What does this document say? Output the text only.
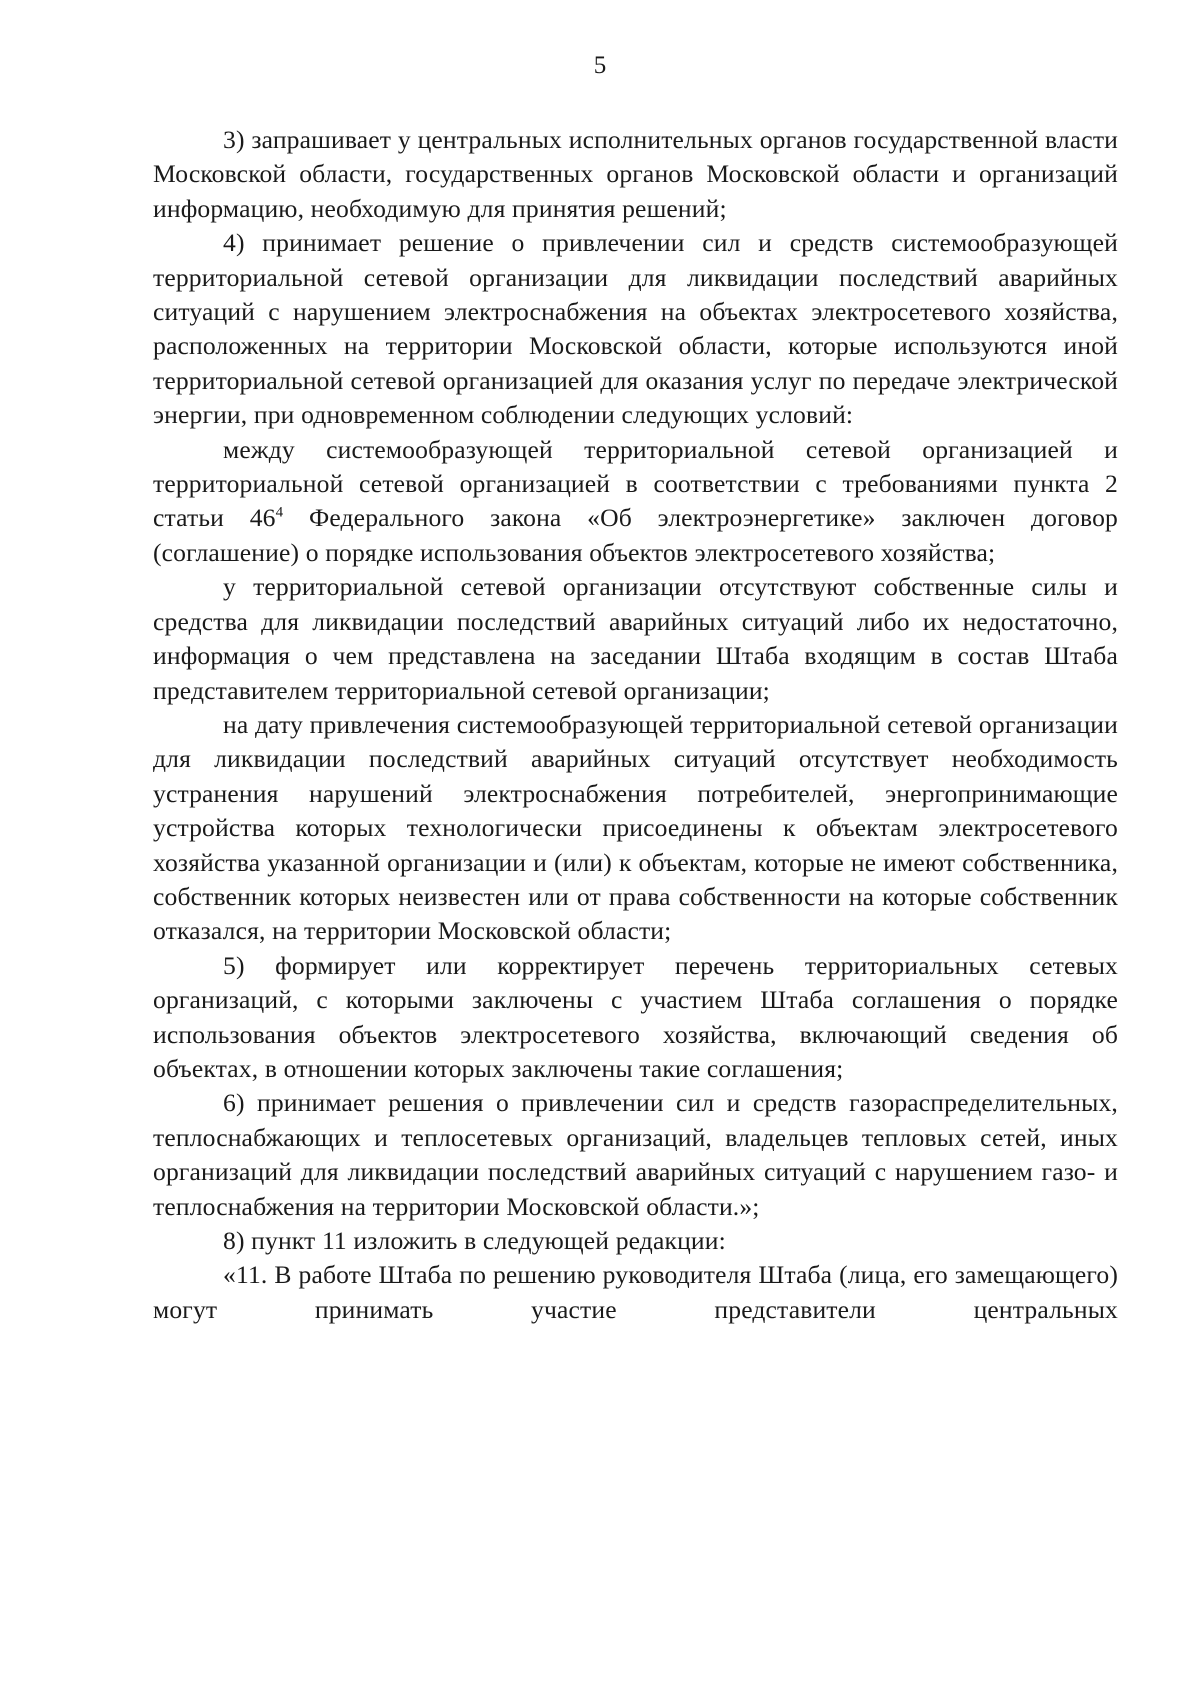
5

3) запрашивает у центральных исполнительных органов государственной власти Московской области, государственных органов Московской области и организаций информацию, необходимую для принятия решений;

4) принимает решение о привлечении сил и средств системообразующей территориальной сетевой организации для ликвидации последствий аварийных ситуаций с нарушением электроснабжения на объектах электросетевого хозяйства, расположенных на территории Московской области, которые используются иной территориальной сетевой организацией для оказания услуг по передаче электрической энергии, при одновременном соблюдении следующих условий:

между системообразующей территориальной сетевой организацией и территориальной сетевой организацией в соответствии с требованиями пункта 2 статьи $46^4$ Федерального закона «Об электроэнергетике» заключен договор (соглашение) о порядке использования объектов электросетевого хозяйства;

у территориальной сетевой организации отсутствуют собственные силы и средства для ликвидации последствий аварийных ситуаций либо их недостаточно, информация о чем представлена на заседании Штаба входящим в состав Штаба представителем территориальной сетевой организации;

на дату привлечения системообразующей территориальной сетевой организации для ликвидации последствий аварийных ситуаций отсутствует необходимость устранения нарушений электроснабжения потребителей, энергопринимающие устройства которых технологически присоединены к объектам электросетевого хозяйства указанной организации и (или) к объектам, которые не имеют собственника, собственник которых неизвестен или от права собственности на которые собственник отказался, на территории Московской области;

5) формирует или корректирует перечень территориальных сетевых организаций, с которыми заключены с участием Штаба соглашения о порядке использования объектов электросетевого хозяйства, включающий сведения об объектах, в отношении которых заключены такие соглашения;

6) принимает решения о привлечении сил и средств газораспределительных, теплоснабжающих и теплосетевых организаций, владельцев тепловых сетей, иных организаций для ликвидации последствий аварийных ситуаций с нарушением газо- и теплоснабжения на территории Московской области.»;

8) пункт 11 изложить в следующей редакции:

«11. В работе Штаба по решению руководителя Штаба (лица, его замещающего) могут принимать участие представители центральных
